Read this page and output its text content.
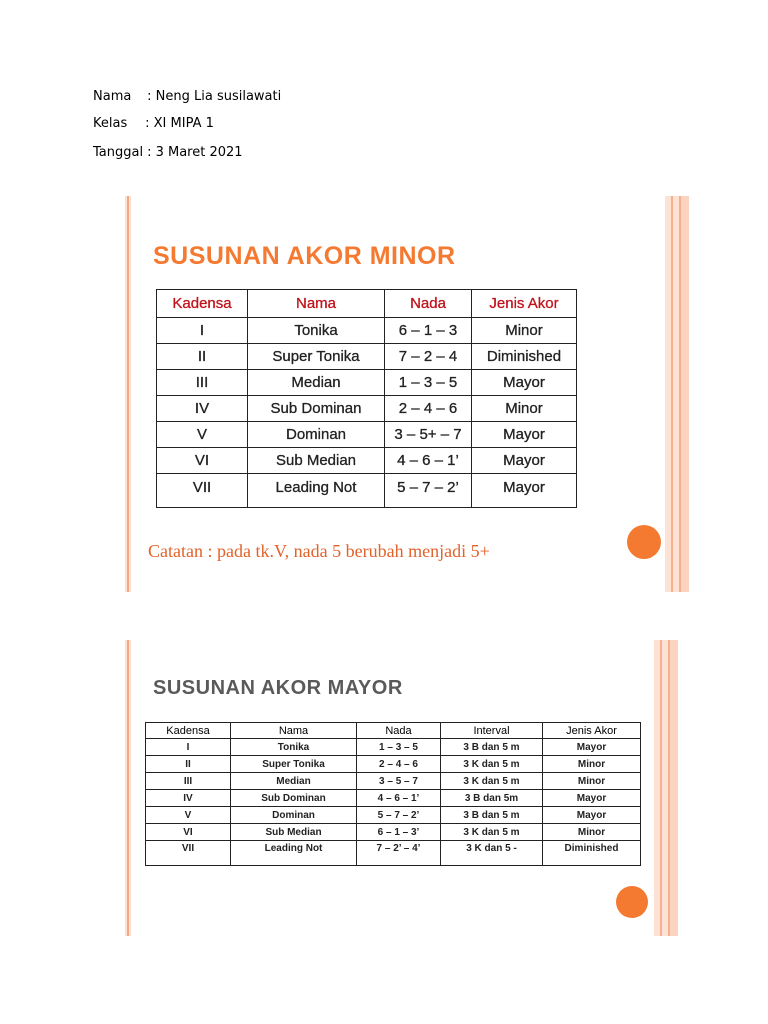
Nama : Neng Lia susilawati
Kelas : XI MIPA 1
Tanggal : 3 Maret 2021
SUSUNAN AKOR MINOR
Kadensa	Nama	Nada	Jenis Akor
I	Tonika	6 – 1 – 3	Minor
II	Super Tonika	7 – 2 – 4	Diminished
III	Median	1 – 3 – 5	Mayor
IV	Sub Dominan	2 – 4 – 6	Minor
V	Dominan	3 – 5+ – 7	Mayor
VI	Sub Median	4 – 6 – 1’	Mayor
VII	Leading Not	5 – 7 – 2’	Mayor
Catatan : pada tk.V, nada 5 berubah menjadi 5+
SUSUNAN AKOR MAYOR
Kadensa	Nama	Nada	Interval	Jenis Akor
I	Tonika	1 – 3 – 5	3 B dan 5 m	Mayor
II	Super Tonika	2 – 4 – 6	3 K dan 5 m	Minor
III	Median	3 – 5 – 7	3 K dan 5 m	Minor
IV	Sub Dominan	4 – 6 – 1’	3 B dan 5m	Mayor
V	Dominan	5 – 7 – 2’	3 B dan 5 m	Mayor
VI	Sub Median	6 – 1 – 3’	3 K dan 5 m	Minor
VII	Leading Not	7 – 2’ – 4’	3 K dan 5 -	Diminished
